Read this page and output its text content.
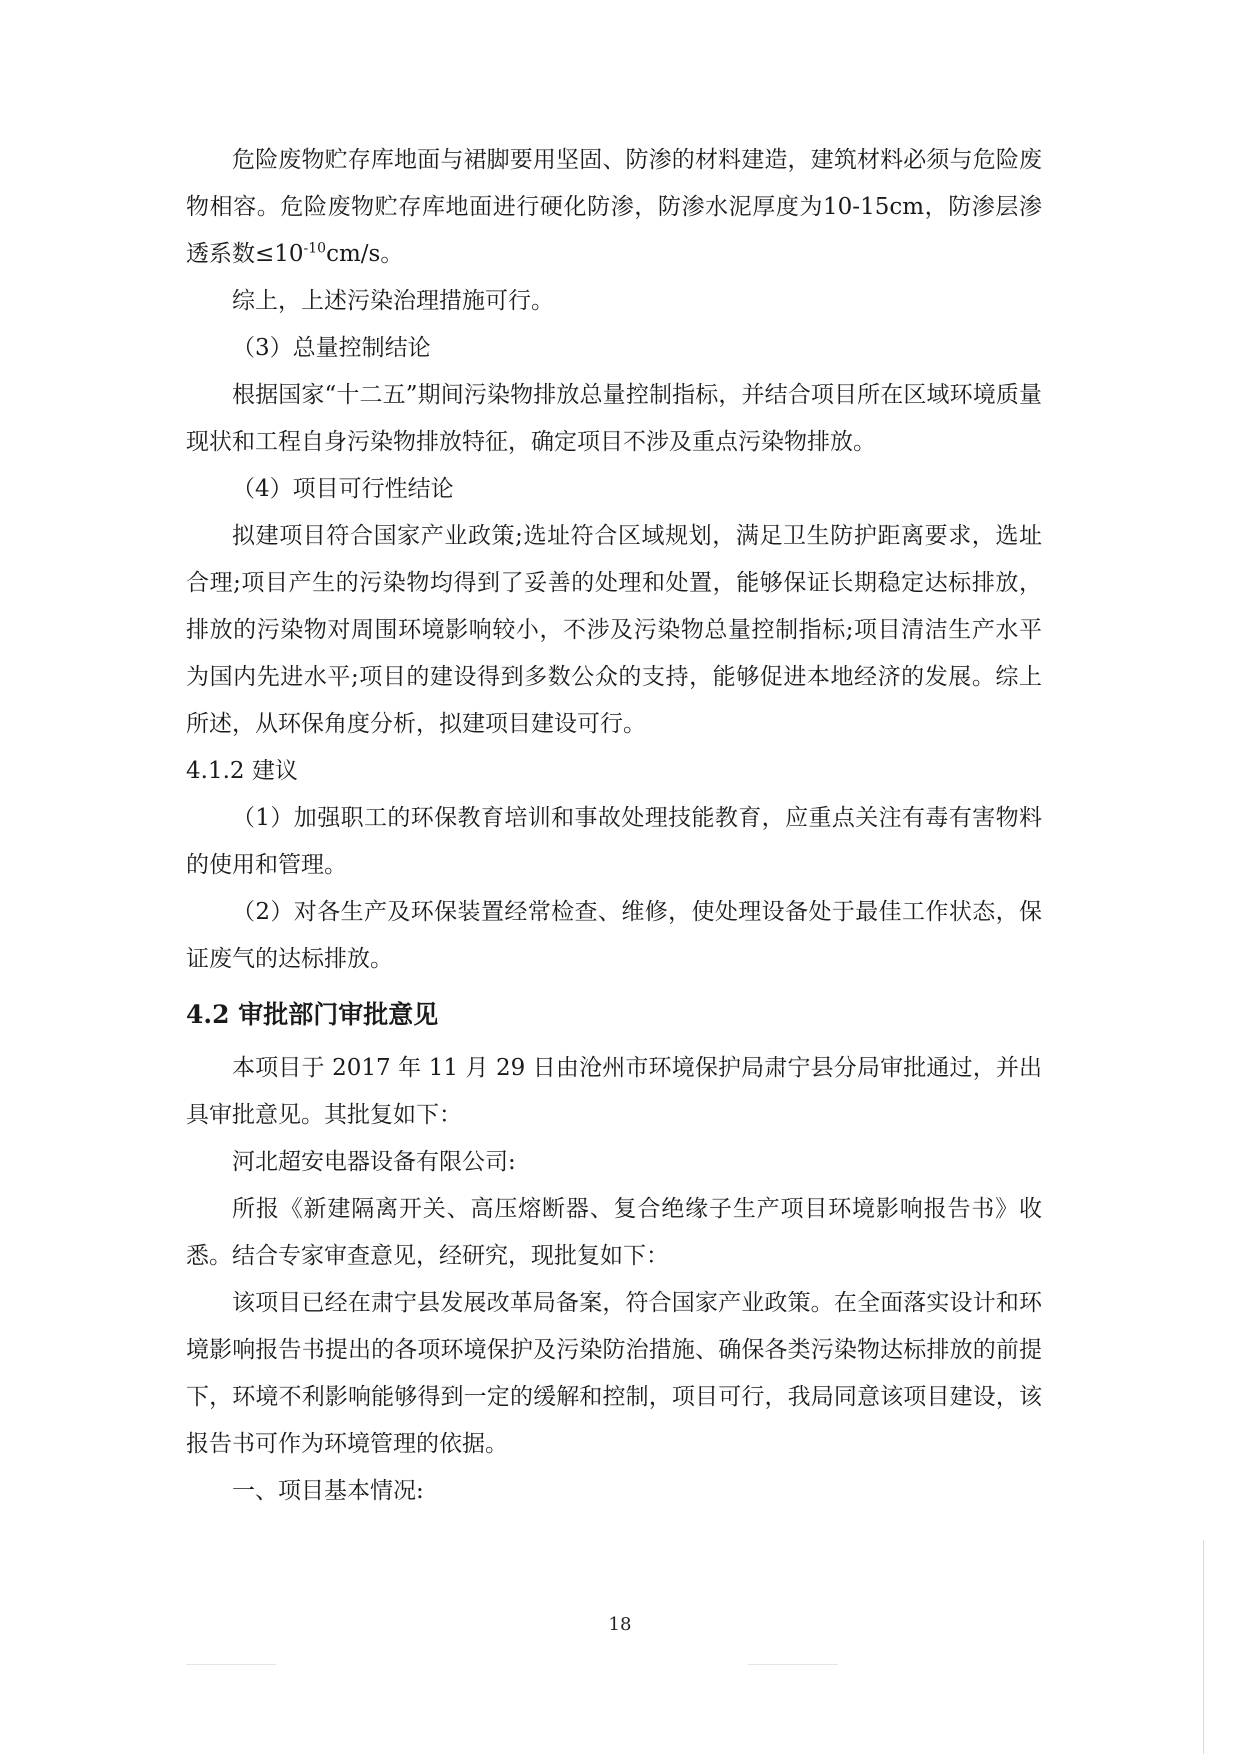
危险废物贮存库地面与裙脚要用坚固、防渗的材料建造，建筑材料必须与危险废物相容。危险废物贮存库地面进行硬化防渗，防渗水泥厚度为10-15cm，防渗层渗透系数$\le 10^{-10}cm/s$。

综上，上述污染治理措施可行。

（3）总量控制结论

根据国家“十二五”期间污染物排放总量控制指标，并结合项目所在区域环境质量现状和工程自身污染物排放特征，确定项目不涉及重点污染物排放。

（4）项目可行性结论

拟建项目符合国家产业政策;选址符合区域规划，满足卫生防护距离要求，选址合理;项目产生的污染物均得到了妥善的处理和处置，能够保证长期稳定达标排放，排放的污染物对周围环境影响较小，不涉及污染物总量控制指标;项目清洁生产水平为国内先进水平;项目的建设得到多数公众的支持，能够促进本地经济的发展。综上所述，从环保角度分析，拟建项目建设可行。

4.1.2 建议

（1）加强职工的环保教育培训和事故处理技能教育，应重点关注有毒有害物料的使用和管理。

（2）对各生产及环保装置经常检查、维修，使处理设备处于最佳工作状态，保证废气的达标排放。

4.2 审批部门审批意见

本项目于 2017 年 11 月 29 日由沧州市环境保护局肃宁县分局审批通过，并出具审批意见。其批复如下：

河北超安电器设备有限公司:

所报《新建隔离开关、高压熔断器、复合绝缘子生产项目环境影响报告书》收悉。结合专家审查意见，经研究，现批复如下：

该项目已经在肃宁县发展改革局备案，符合国家产业政策。在全面落实设计和环境影响报告书提出的各项环境保护及污染防治措施、确保各类污染物达标排放的前提下，环境不利影响能够得到一定的缓解和控制，项目可行，我局同意该项目建设，该报告书可作为环境管理的依据。

一、项目基本情况:

18
